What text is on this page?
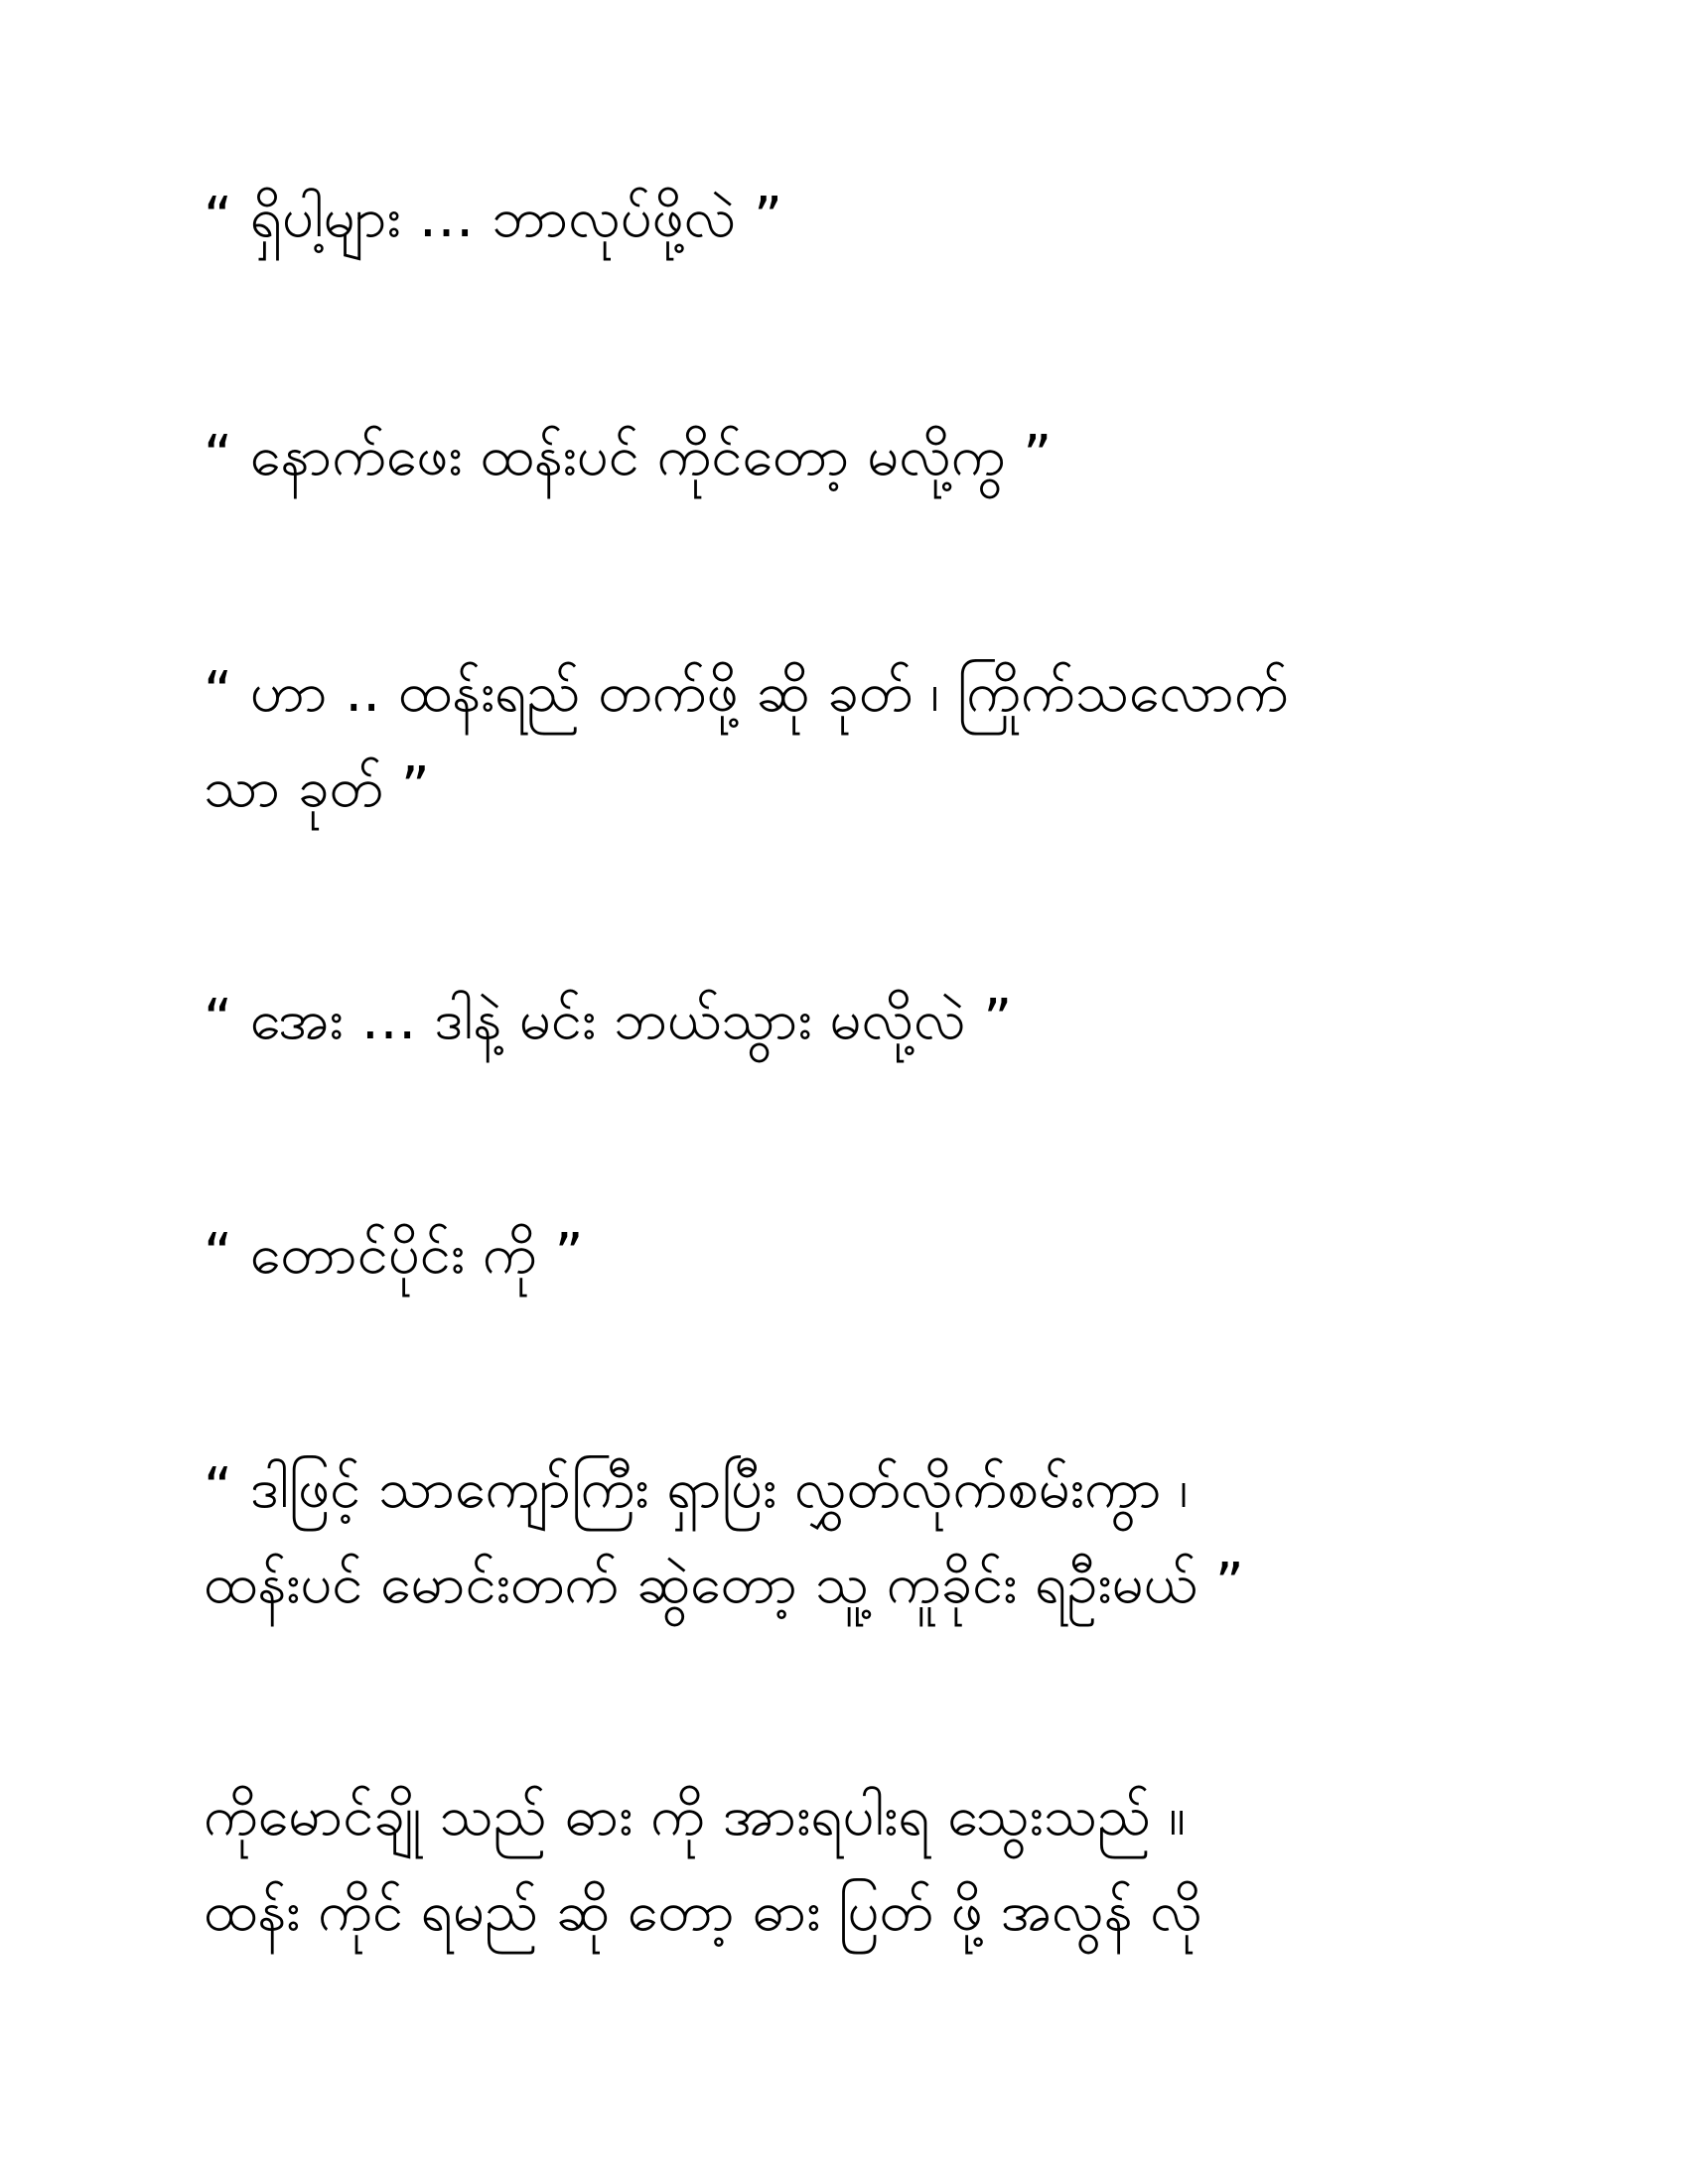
“ ရှိပါ့များ … ဘာလုပ်ဖို့လဲ ”

“ နောက်ဖေး ထန်းပင် ကိုင်တော့ မလို့ကွ ”

“ ဟာ .. ထန်းရည် တက်ဖို့ ဆို ခုတ် ၊ ကြိုက်သလောက်
သာ ခုတ် ”

“ အေး … ဒါနဲ့ မင်း ဘယ်သွား မလို့လဲ ”

“ တောင်ပိုင်း ကို ”

“ ဒါဖြင့် သာကျော်ကြီး ရှာပြီး လွှတ်လိုက်စမ်းကွာ ၊
ထန်းပင် မောင်းတက် ဆွဲတော့ သူ့ ကူခိုင်း ရဦးမယ် ”

ကိုမောင်ချို သည် ဓား ကို အားရပါးရ သွေးသည် ။
ထန်း ကိုင် ရမည် ဆို တော့ ဓား ပြတ် ဖို့ အလွန် လို
